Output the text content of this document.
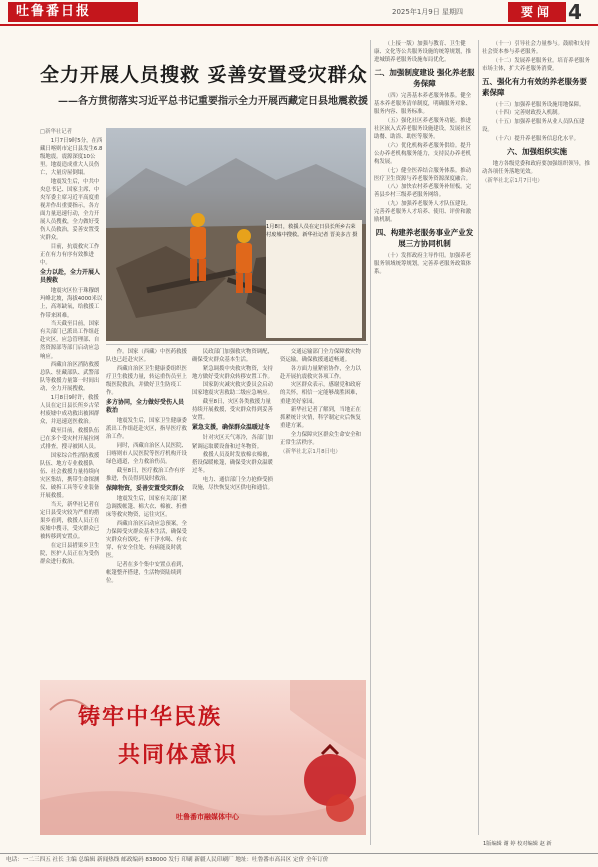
吐鲁番日报	2025年1月9日 星期四	要闻 4
全力开展人员搜救 妥善安置受灾群众
——各方贯彻落实习近平总书记重要指示全力开展西藏定日县地震救援

□新华社记者

1月7日9时5分，在西藏日喀则市定日县发生6.8级地震。震源深度10公里。地震造成重大人员伤亡，大量房屋倒塌。

地震发生后，中共中央总书记、国家主席、中央军委主席习近平高度重视并作出重要指示，各方面力量迅速行动，全力开展人员搜救，全力做好受伤人员救治，妥善安置受灾群众。

目前，抗震救灾工作正在有力有序有效推进中。

全力以赴，全力开展人员搜救

地震灾区位于珠穆朗玛峰北坡，海拔4000米以上，高寒缺氧，给救援工作带来困难。

当天截至目前，国家有关部门已派出工作组赶赴灾区，应急管理部、自然资源部等部门启动应急响应。

西藏自治区消防救援总队、驻藏部队、武警部队等救援力量第一时间出动，全力开展搜救。

1月8日9时许，救援人员在定日县长所乡古荣村废墟中成功救出被困群众，并迅速送医救治。

截至目前，救援队伍已在多个受灾村开展拉网式排查，搜寻被困人员。

国家综合性消防救援队伍、地方专业救援队伍、社会救援力量持续向灾区集结，携带生命探测仪、破拆工具等专业装备开展救援。

当天，新华社记者在定日县受灾较为严重的措果乡看到，救援人员正在废墟中搜寻，受灾群众已被转移到安置点。

在定日县措果乡卫生院，医护人员正在为受伤群众进行救治。

1月8日，救援人员在定日县长所乡古荣村废墟中搜救。新华社记者 晋美多吉 摄

作。国家（西藏）中医药救援队也已赶赴灾区。

西藏自治区卫生健康委组织医疗卫生救援力量，转运重伤员至上级医院救治，并做好卫生防疫工作。

多方协同，全力做好受伤人员救治

地震发生后，国家卫生健康委派出工作组赶赴灾区，指导医疗救治工作。

同时，西藏自治区人民医院、日喀则市人民医院等医疗机构开设绿色通道，全力救治伤员。

截至8日，医疗救治工作有序推进，伤员得到及时救治。

保障物资，妥善安置受灾群众

地震发生后，国家有关部门紧急调拨帐篷、棉大衣、棉被、折叠床等救灾物资，运往灾区。

西藏自治区启动应急预案，全力保障受灾群众基本生活，确保受灾群众有饭吃、有干净水喝、有衣穿、有安全住处、有病能及时就医。

记者在多个集中安置点看到，帐篷整齐搭建，生活物资陆续到位。

民政部门加强救灾物资调配，确保受灾群众基本生活。

紧急调拨中央救灾物资，支持地方做好受灾群众转移安置工作。

国家防灾减灾救灾委员会启动国家地震灾害救助二级应急响应。

截至8日，灾区各类救援力量持续开展救援，受灾群众得到妥善安置。

紧急支援，确保群众温暖过冬

针对灾区天气寒冷，各部门加紧调运取暖设备和过冬物资。

救援人员及时发放棉衣棉被，搭设保暖帐篷，确保受灾群众温暖过冬。

电力、通信部门全力抢修受损设施，尽快恢复灾区供电和通信。

交通运输部门全力保障救灾物资运输，确保救援通道畅通。

各方面力量紧密协作，全力以赴开展抗震救灾各项工作。

灾区群众表示，感谢党和政府的关怀，相信一定能够战胜困难，重建美好家园。

新华社记者了解到，当地正在抓紧统计灾情，科学制定灾后恢复重建方案。

全力保障灾区群众生命安全和正常生活秩序。

（新华社北京1月8日电）

（上接一版）加强与教育、卫生健康、文化等公共服务设施的统筹规划，推进城镇养老服务设施布局优化。

二、加强制度建设 强化养老服务保障

（四）完善基本养老服务体系。健全基本养老服务清单制度，明确服务对象、服务内容、服务标准。

（五）强化社区养老服务功能。推进社区嵌入式养老服务设施建设，发展社区助餐、助浴、助医等服务。

（六）优化机构养老服务供给。提升公办养老机构服务能力，支持民办养老机构发展。

（七）健全医养结合服务体系。推动医疗卫生资源与养老服务资源深度融合。

（八）加快农村养老服务补短板。完善县乡村三级养老服务网络。

（九）加强养老服务人才队伍建设。完善养老服务人才培养、使用、评价和激励机制。

四、构建养老服务事业产业发展三方协同机制

（十）发挥政府主导作用。加强养老服务领域统筹规划，完善养老服务政策体系。

（十一）引导社会力量参与。鼓励和支持社会资本参与养老服务。

（十二）发展养老服务业。培育养老服务市场主体，扩大养老服务消费。

五、强化有力有效的养老服务要素保障

（十三）加强养老服务设施用地保障。

（十四）完善财政投入机制。

（十五）加强养老服务从业人员队伍建设。

（十六）提升养老服务信息化水平。

六、加强组织实施

地方各级党委和政府要加强组织领导，推动各项任务落地见效。

（新华社北京1月7日电）

铸牢中华民族
共同体意识
吐鲁番市融媒体中心
1版编辑 谢 婷 校对编辑 赵 新
电话：一二三四五 社长 主编 总编辑 新闻热线 邮政编码 838000 发行 印刷 新疆人民印刷厂 地址：吐鲁番市高昌区 定价 全年订价
